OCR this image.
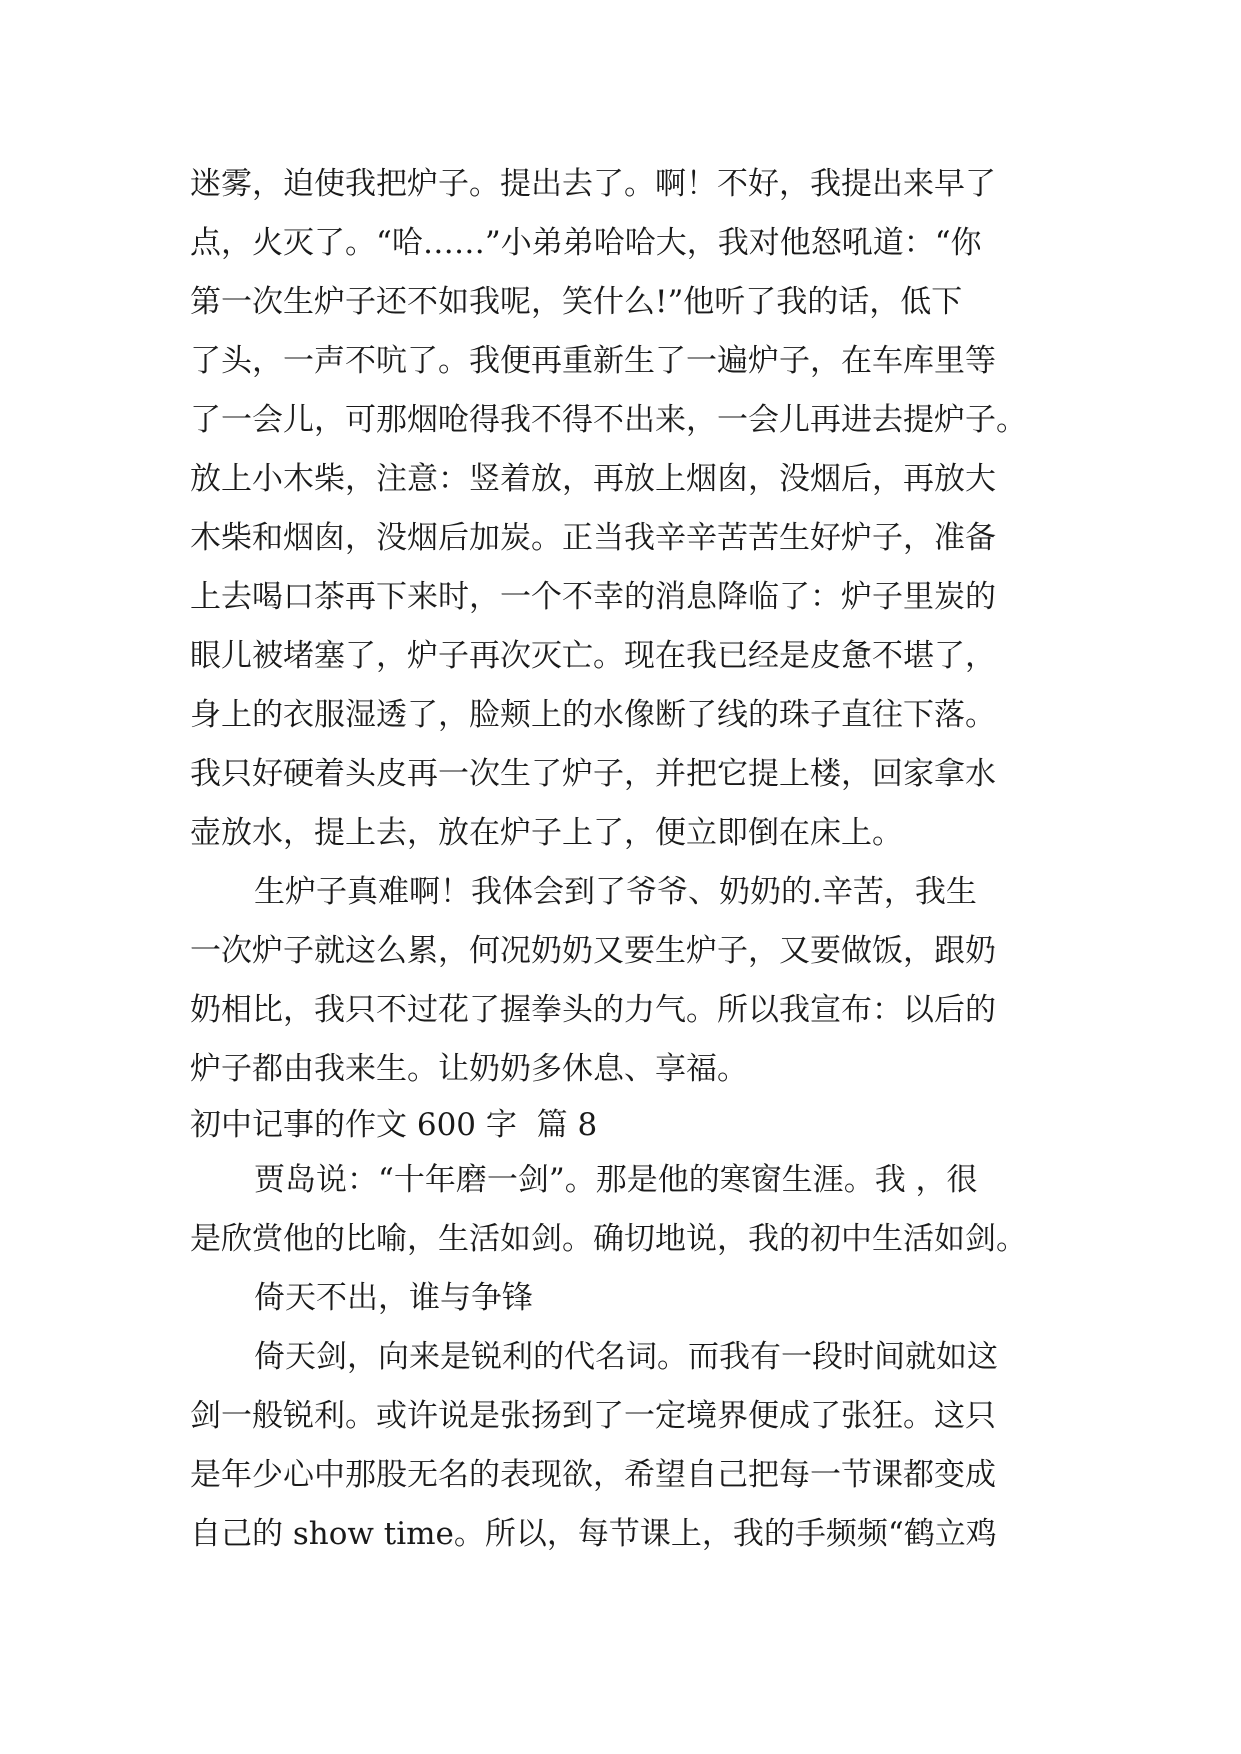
迷雾，迫使我把炉子。提出去了。啊！不好，我提出来早了
点，火灭了。“哈……”小弟弟哈哈大，我对他怒吼道：“你
第一次生炉子还不如我呢，笑什么!”他听了我的话，低下
了头，一声不吭了。我便再重新生了一遍炉子，在车库里等
了一会儿，可那烟呛得我不得不出来，一会儿再进去提炉子。
放上小木柴，注意：竖着放，再放上烟囱，没烟后，再放大
木柴和烟囱，没烟后加炭。正当我辛辛苦苦生好炉子，准备
上去喝口茶再下来时，一个不幸的消息降临了：炉子里炭的
眼儿被堵塞了，炉子再次灭亡。现在我已经是皮惫不堪了，
身上的衣服湿透了，脸颊上的水像断了线的珠子直往下落。
我只好硬着头皮再一次生了炉子，并把它提上楼，回家拿水
壶放水，提上去，放在炉子上了，便立即倒在床上。
生炉子真难啊！我体会到了爷爷、奶奶的.辛苦，我生
一次炉子就这么累，何况奶奶又要生炉子，又要做饭，跟奶
奶相比，我只不过花了握拳头的力气。所以我宣布：以后的
炉子都由我来生。让奶奶多休息、享福。
初中记事的作文 600 字  篇 8
贾岛说：“十年磨一剑”。那是他的寒窗生涯。我 ，很
是欣赏他的比喻，生活如剑。确切地说，我的初中生活如剑。
倚天不出，谁与争锋
倚天剑，向来是锐利的代名词。而我有一段时间就如这
剑一般锐利。或许说是张扬到了一定境界便成了张狂。这只
是年少心中那股无名的表现欲，希望自己把每一节课都变成
自己的 show time。所以，每节课上，我的手频频“鹤立鸡
